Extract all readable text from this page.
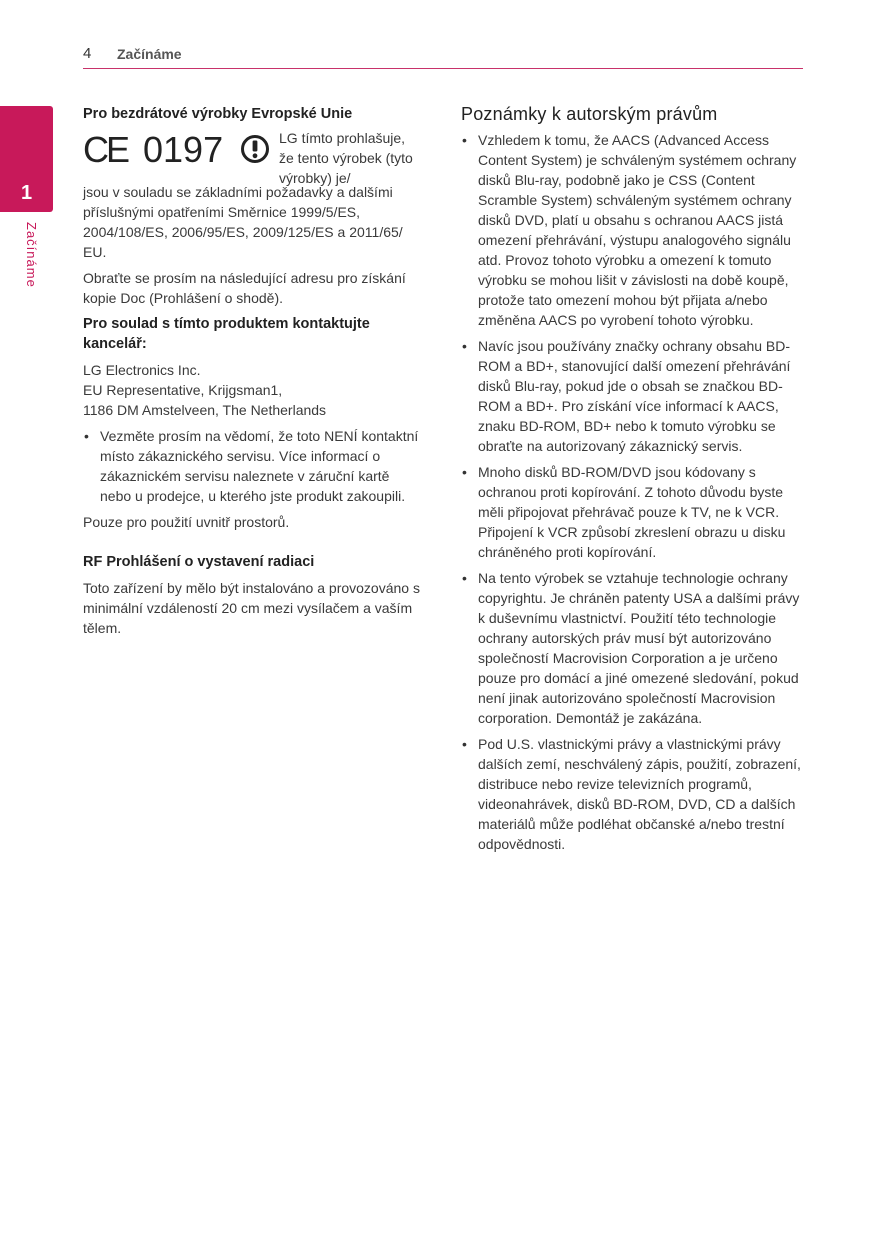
4 Začínáme
1
Začínáme
Pro bezdrátové výrobky Evropské Unie
CE 0197	LG tímto prohlašuje, že tento výrobek (tyto výrobky) je/

jsou v souladu se základními požadavky a dalšími příslušnými opatřeními Směrnice 1999/5/ES, 2004/108/ES, 2006/95/ES, 2009/125/ES a 2011/65/ EU.

Obraťte se prosím na následující adresu pro získání kopie Doc (Prohlášení o shodě).

Pro soulad s tímto produktem kontaktujte kancelář:
LG Electronics Inc.
EU Representative, Krijgsman1,
1186 DM Amstelveen, The Netherlands
• Vezměte prosím na vědomí, že toto NENÍ kontaktní místo zákaznického servisu. Více informací o zákaznickém servisu naleznete v záruční kartě nebo u prodejce, u kterého jste produkt zakoupili.

Pouze pro použití uvnitř prostorů.

RF Prohlášení o vystavení radiaci

Toto zařízení by mělo být instalováno a provozováno s minimální vzdáleností 20 cm mezi vysílačem a vaším tělem.

Poznámky k autorským právům
• Vzhledem k tomu, že AACS (Advanced Access Content System) je schváleným systémem ochrany disků Blu-ray, podobně jako je CSS (Content Scramble System) schváleným systémem ochrany disků DVD, platí u obsahu s ochranou AACS jistá omezení přehrávání, výstupu analogového signálu atd. Provoz tohoto výrobku a omezení k tomuto výrobku se mohou lišit v závislosti na době koupě, protože tato omezení mohou být přijata a/nebo změněna AACS po vyrobení tohoto výrobku.
• Navíc jsou používány značky ochrany obsahu BD-ROM a BD+, stanovující další omezení přehrávání disků Blu-ray, pokud jde o obsah se značkou BD-ROM a BD+. Pro získání více informací k AACS, znaku BD-ROM, BD+ nebo k tomuto výrobku se obraťte na autorizovaný zákaznický servis.
• Mnoho disků BD-ROM/DVD jsou kódovany s ochranou proti kopírování. Z tohoto důvodu byste měli připojovat přehrávač pouze k TV, ne k VCR. Připojení k VCR způsobí zkreslení obrazu u disku chráněného proti kopírování.
• Na tento výrobek se vztahuje technologie ochrany copyrightu. Je chráněn patenty USA a dalšími právy k duševnímu vlastnictví. Použití této technologie ochrany autorských práv musí být autorizováno společností Macrovision Corporation a je určeno pouze pro domácí a jiné omezené sledování, pokud není jinak autorizováno společností Macrovision corporation. Demontáž je zakázána.
• Pod U.S. vlastnickými právy a vlastnickými právy dalších zemí, neschválený zápis, použití, zobrazení, distribuce nebo revize televizních programů, videonahrávek, disků BD-ROM, DVD, CD a dalších materiálů může podléhat občanské a/nebo trestní odpovědnosti.
